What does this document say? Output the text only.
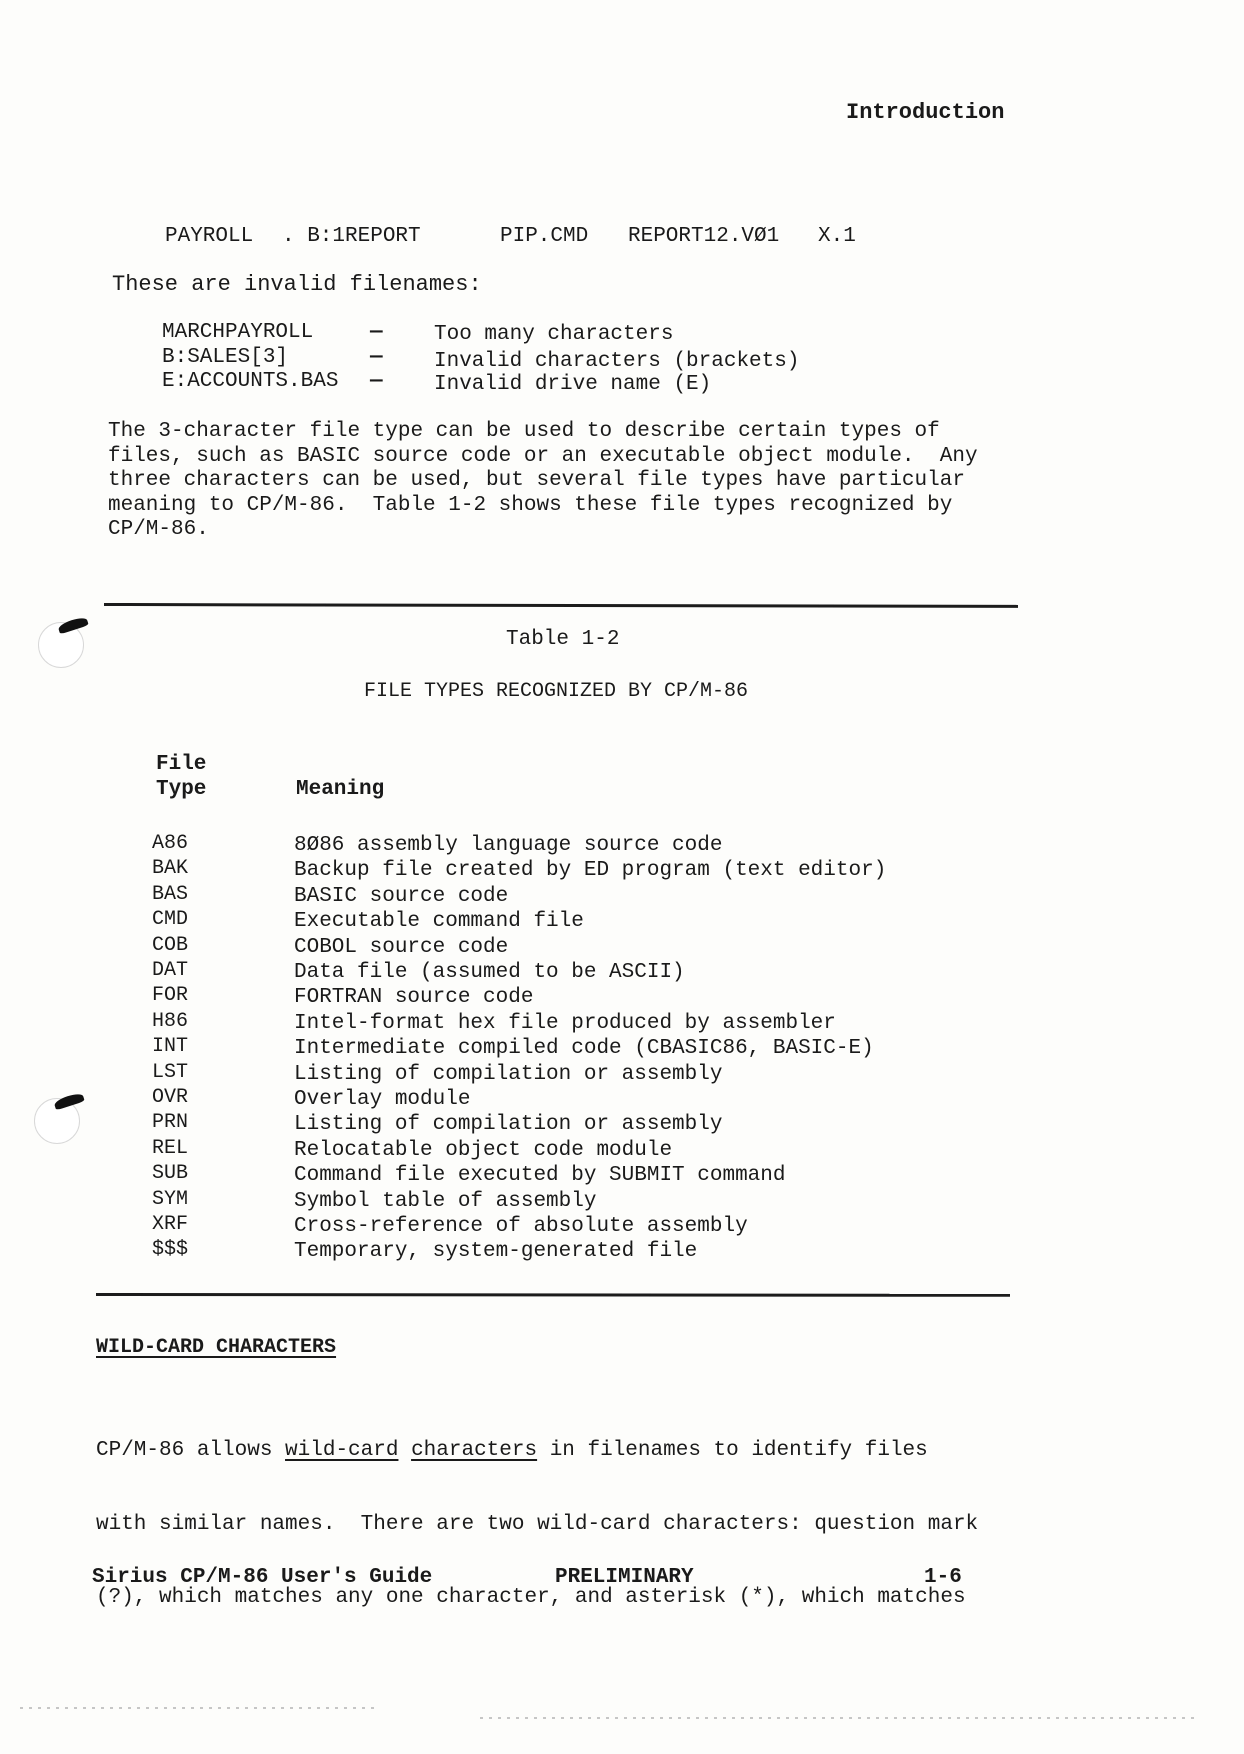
Introduction
PAYROLL . B:1REPORT	PIP.CMD REPORT12.VØ1 X.1
These are invalid filenames:
MARCHPAYROLL	— Too many characters
B:SALES[3]	— Invalid characters (brackets)
E:ACCOUNTS.BAS — Invalid drive name (E)
The 3-character file type can be used to describe certain types of
files, such as BASIC source code or an executable object module.  Any
three characters can be used, but several file types have particular
meaning to CP/M-86.  Table 1-2 shows these file types recognized by
CP/M-86.
Table 1-2
FILE TYPES RECOGNIZED BY CP/M-86
File
Type	Meaning
A86	8Ø86 assembly language source code
BAK	Backup file created by ED program (text editor)
BAS	BASIC source code
CMD	Executable command file
COB	COBOL source code
DAT	Data file (assumed to be ASCII)
FOR	FORTRAN source code
H86	Intel-format hex file produced by assembler
INT	Intermediate compiled code (CBASIC86, BASIC-E)
LST	Listing of compilation or assembly
OVR	Overlay module
PRN	Listing of compilation or assembly
REL	Relocatable object code module
SUB	Command file executed by SUBMIT command
SYM	Symbol table of assembly
XRF	Cross-reference of absolute assembly
$$$	Temporary, system-generated file
WILD-CARD CHARACTERS

CP/M-86 allows wild-card characters in filenames to identify files

with similar names.  There are two wild-card characters: question mark

(?), which matches any one character, and asterisk (*), which matches

Sirius CP/M-86 User's Guide	PRELIMINARY	1-6
